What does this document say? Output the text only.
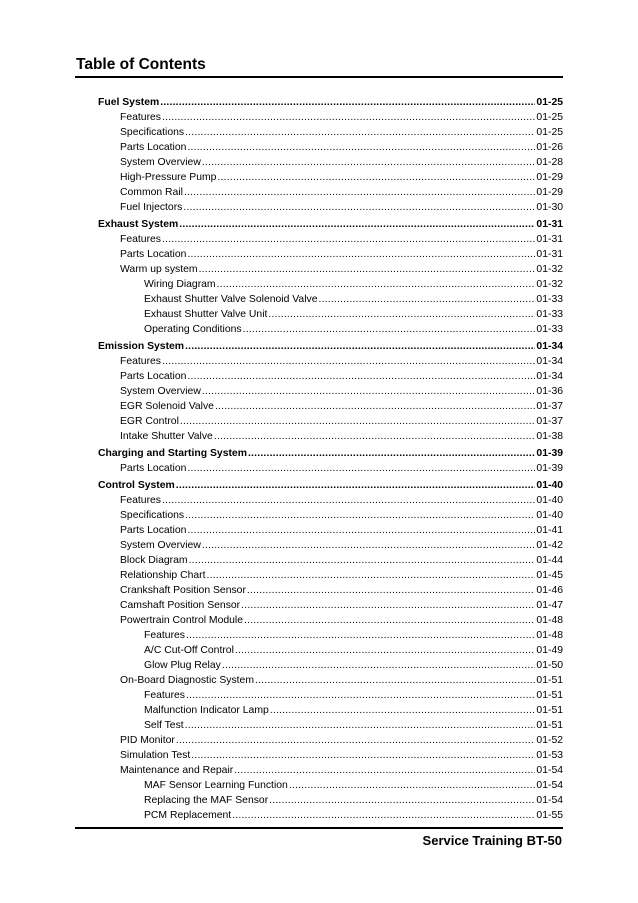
Table of Contents
Fuel System .....	01-25
Features .....	01-25
Specifications .....	01-25
Parts Location .....	01-26
System Overview .....	01-28
High-Pressure Pump .....	01-29
Common Rail .....	01-29
Fuel Injectors .....	01-30
Exhaust System .....	01-31
Features .....	01-31
Parts Location .....	01-31
Warm up system .....	01-32
Wiring Diagram .....	01-32
Exhaust Shutter Valve Solenoid Valve .....	01-33
Exhaust Shutter Valve Unit .....	01-33
Operating Conditions .....	01-33
Emission System .....	01-34
Features .....	01-34
Parts Location .....	01-34
System Overview .....	01-36
EGR Solenoid Valve .....	01-37
EGR Control .....	01-37
Intake Shutter Valve .....	01-38
Charging and Starting System .....	01-39
Parts Location .....	01-39
Control System .....	01-40
Features .....	01-40
Specifications .....	01-40
Parts Location .....	01-41
System Overview .....	01-42
Block Diagram .....	01-44
Relationship Chart .....	01-45
Crankshaft Position Sensor .....	01-46
Camshaft Position Sensor .....	01-47
Powertrain Control Module .....	01-48
Features .....	01-48
A/C Cut-Off Control .....	01-49
Glow Plug Relay .....	01-50
On-Board Diagnostic System .....	01-51
Features .....	01-51
Malfunction Indicator Lamp .....	01-51
Self Test .....	01-51
PID Monitor .....	01-52
Simulation Test .....	01-53
Maintenance and Repair .....	01-54
MAF Sensor Learning Function .....	01-54
Replacing the MAF Sensor .....	01-54
PCM Replacement .....	01-55

Service Training BT-50
